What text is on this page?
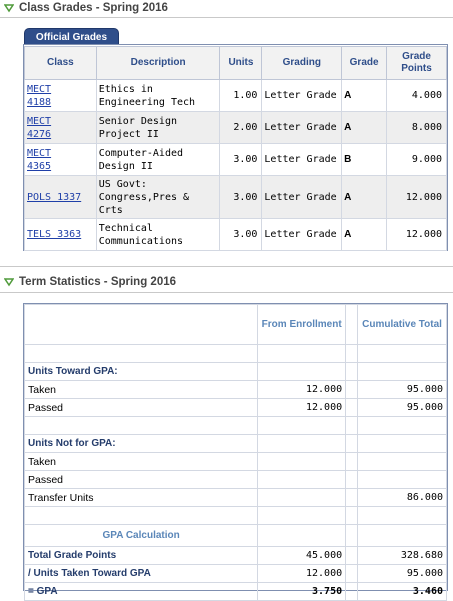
Class Grades - Spring 2016
Official Grades
Class	Description	Units	Grading	Grade	Grade Points
MECT
4188	Ethics in
Engineering Tech	1.00	Letter Grade	A	4.000
MECT
4276	Senior Design
Project II	2.00	Letter Grade	A	8.000
MECT
4365	Computer-Aided
Design II	3.00	Letter Grade	B	9.000
POLS 1337	US Govt:
Congress,Pres &
Crts	3.00	Letter Grade	A	12.000
TELS 3363	Technical
Communications	3.00	Letter Grade	A	12.000
Term Statistics - Spring 2016
	From Enrollment		Cumulative Total

Units Toward GPA:			
Taken	12.000		95.000
Passed	12.000		95.000

Units Not for GPA:			
Taken			
Passed			
Transfer Units			86.000

GPA Calculation			
Total Grade Points	45.000		328.680
/ Units Taken Toward GPA	12.000		95.000
= GPA	3.750		3.460
